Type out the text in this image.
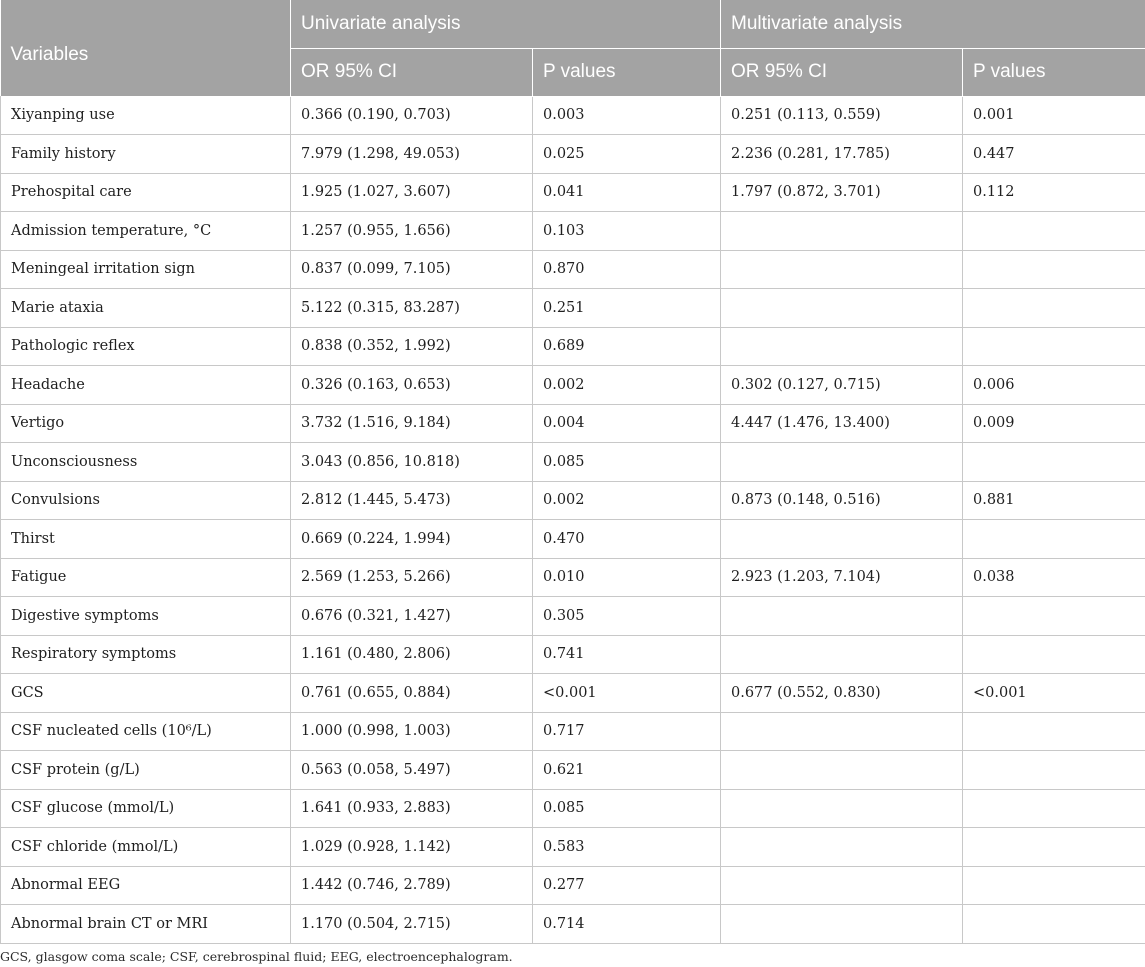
Variables	Univariate analysis		Multivariate analysis	
	OR 95% CI	P values	OR 95% CI	P values
Xiyanping use	0.366 (0.190, 0.703)	0.003	0.251 (0.113, 0.559)	0.001
Family history	7.979 (1.298, 49.053)	0.025	2.236 (0.281, 17.785)	0.447
Prehospital care	1.925 (1.027, 3.607)	0.041	1.797 (0.872, 3.701)	0.112
Admission temperature, °C	1.257 (0.955, 1.656)	0.103		
Meningeal irritation sign	0.837 (0.099, 7.105)	0.870		
Marie ataxia	5.122 (0.315, 83.287)	0.251		
Pathologic reflex	0.838 (0.352, 1.992)	0.689		
Headache	0.326 (0.163, 0.653)	0.002	0.302 (0.127, 0.715)	0.006
Vertigo	3.732 (1.516, 9.184)	0.004	4.447 (1.476, 13.400)	0.009
Unconsciousness	3.043 (0.856, 10.818)	0.085		
Convulsions	2.812 (1.445, 5.473)	0.002	0.873 (0.148, 0.516)	0.881
Thirst	0.669 (0.224, 1.994)	0.470		
Fatigue	2.569 (1.253, 5.266)	0.010	2.923 (1.203, 7.104)	0.038
Digestive symptoms	0.676 (0.321, 1.427)	0.305		
Respiratory symptoms	1.161 (0.480, 2.806)	0.741		
GCS	0.761 (0.655, 0.884)	<0.001	0.677 (0.552, 0.830)	<0.001
CSF nucleated cells (10⁶/L)	1.000 (0.998, 1.003)	0.717		
CSF protein (g/L)	0.563 (0.058, 5.497)	0.621		
CSF glucose (mmol/L)	1.641 (0.933, 2.883)	0.085		
CSF chloride (mmol/L)	1.029 (0.928, 1.142)	0.583		
Abnormal EEG	1.442 (0.746, 2.789)	0.277		
Abnormal brain CT or MRI	1.170 (0.504, 2.715)	0.714		
GCS, glasgow coma scale; CSF, cerebrospinal fluid; EEG, electroencephalogram.
